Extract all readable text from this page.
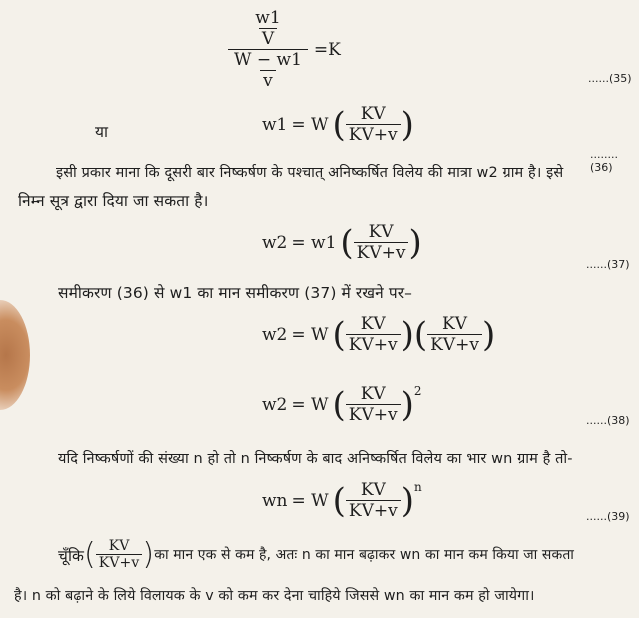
$\frac{\frac{w1}{V}}{\frac{W - w1}{v}} =K$
......(35)
या	w1 = W ( $\frac{KV}{KV+v}$ )
........(36)
इसी प्रकार माना कि दूसरी बार निष्कर्षण के पश्चात् अनिष्कर्षित विलेय की मात्रा w2 ग्राम है। इसे
निम्न सूत्र द्वारा दिया जा सकता है।
w2 = w1 ( $\frac{KV}{KV+v}$ )
......(37)
समीकरण (36) से w1 का मान समीकरण (37) में रखने पर–
w2 = W ( $\frac{KV}{KV+v}$ ) ( $\frac{KV}{KV+v}$ )
w2 = W ( $\frac{KV}{KV+v} )^2$
......(38)
यदि निष्कर्षणों की संख्या n हो तो n निष्कर्षण के बाद अनिष्कर्षित विलेय का भार wn ग्राम है तो-
wn = W ( $\frac{KV}{KV+v} )^n$
......(39)
चूँकि ( $\frac{KV}{KV+v}$ ) का मान एक से कम है, अतः n का मान बढ़ाकर wn का मान कम किया जा सकता
है। n को बढ़ाने के लिये विलायक के v को कम कर देना चाहिये जिससे wn का मान कम हो जायेगा।
